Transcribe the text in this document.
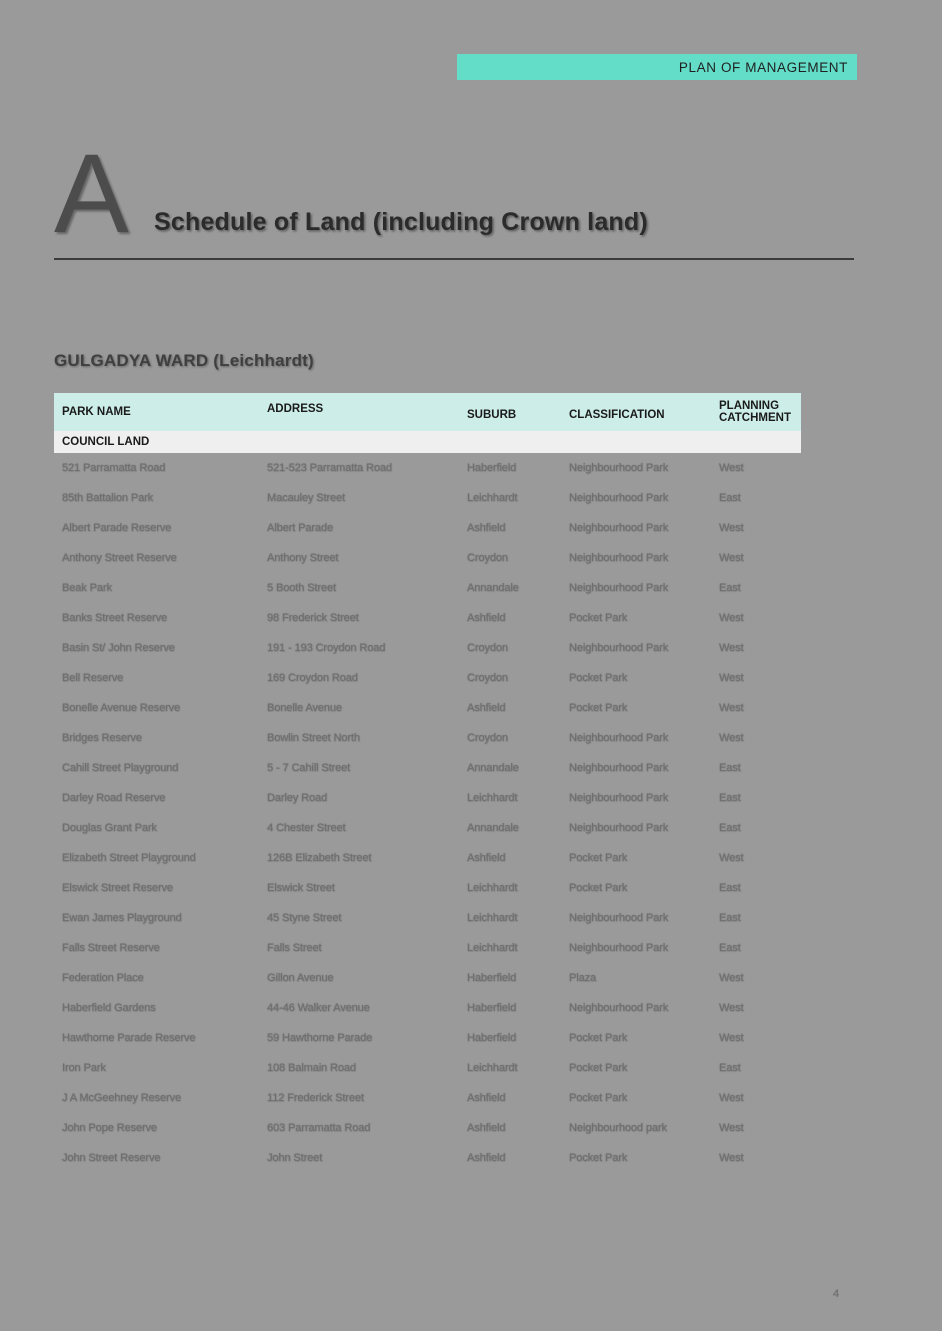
PLAN OF MANAGEMENT
A Schedule of Land (including Crown land)
GULGADYA WARD (Leichhardt)
PARK NAME	ADDRESS	SUBURB	CLASSIFICATION	PLANNING CATCHMENT
COUNCIL LAND				
521 Parramatta Road	521-523 Parramatta Road	Haberfield	Neighbourhood Park	West
85th Battalion Park	Macauley Street	Leichhardt	Neighbourhood Park	East
Albert Parade Reserve	Albert Parade	Ashfield	Neighbourhood Park	West
Anthony Street Reserve	Anthony Street	Croydon	Neighbourhood Park	West
Beak Park	5 Booth Street	Annandale	Neighbourhood Park	East
Banks Street Reserve	98 Frederick Street	Ashfield	Pocket Park	West
Basin St/ John Reserve	191 - 193 Croydon Road	Croydon	Neighbourhood Park	West
Bell Reserve	169 Croydon Road	Croydon	Pocket Park	West
Bonelle Avenue Reserve	Bonelle Avenue	Ashfield	Pocket Park	West
Bridges Reserve	Bowlin Street North	Croydon	Neighbourhood Park	West
Cahill Street Playground	5 - 7 Cahill Street	Annandale	Neighbourhood Park	East
Darley Road Reserve	Darley Road	Leichhardt	Neighbourhood Park	East
Douglas Grant Park	4 Chester Street	Annandale	Neighbourhood Park	East
Elizabeth Street Playground	126B Elizabeth Street	Ashfield	Pocket Park	West
Elswick Street Reserve	Elswick Street	Leichhardt	Pocket Park	East
Ewan James Playground	45 Styne Street	Leichhardt	Neighbourhood Park	East
Falls Street Reserve	Falls Street	Leichhardt	Neighbourhood Park	East
Federation Place	Gillon Avenue	Haberfield	Plaza	West
Haberfield Gardens	44-46 Walker Avenue	Haberfield	Neighbourhood Park	West
Hawthorne Parade Reserve	59 Hawthorne Parade	Haberfield	Pocket Park	West
Iron Park	108 Balmain Road	Leichhardt	Pocket Park	East
J A McGeehney Reserve	112 Frederick Street	Ashfield	Pocket Park	West
John Pope Reserve	603 Parramatta Road	Ashfield	Neighbourhood park	West
John Street Reserve	John Street	Ashfield	Pocket Park	West
4
